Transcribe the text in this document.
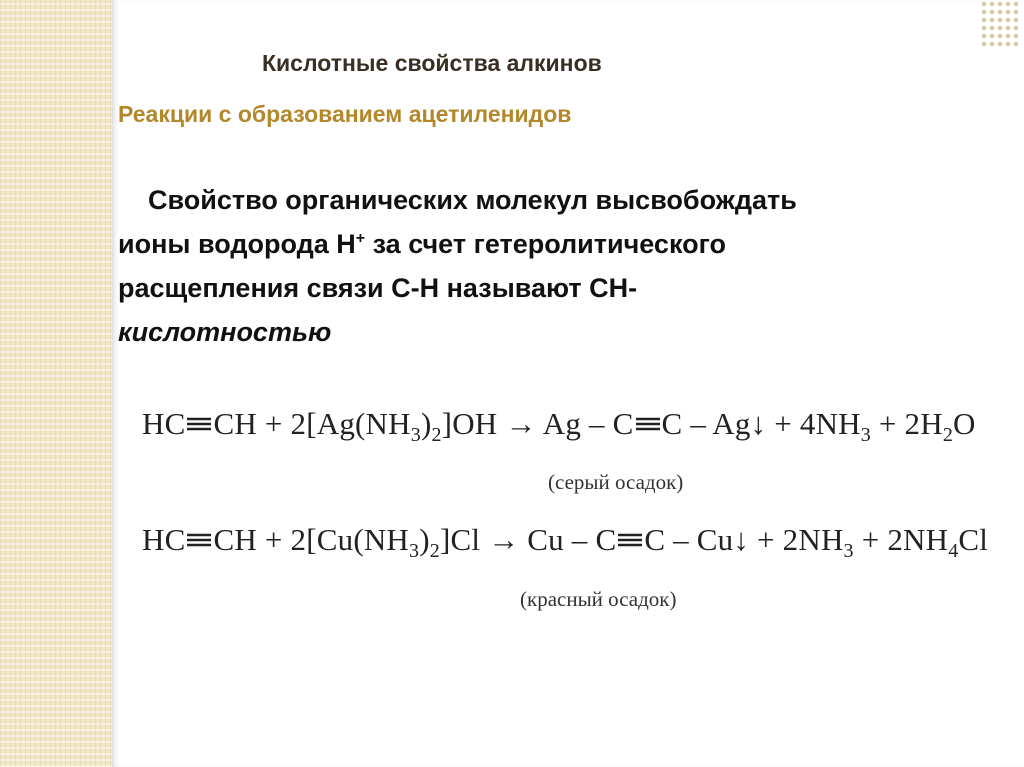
Кислотные свойства алкинов
Реакции с образованием ацетиленидов
Свойство органических молекул высвобождать
ионы водорода Н+ за счет гетеролитического
расщепления связи С-Н называют СН-
кислотностью
HC CH + $2[Ag(NH_3)_2]OH \to Ag - C$ C – Ag↓ + $4NH_3 + 2H_2O$
(серый осадок)
HC CH + $2[Cu(NH_3)_2]Cl \to Cu - C$ C – Cu↓ + $2NH_3 + 2NH_4Cl$
(красный осадок)
